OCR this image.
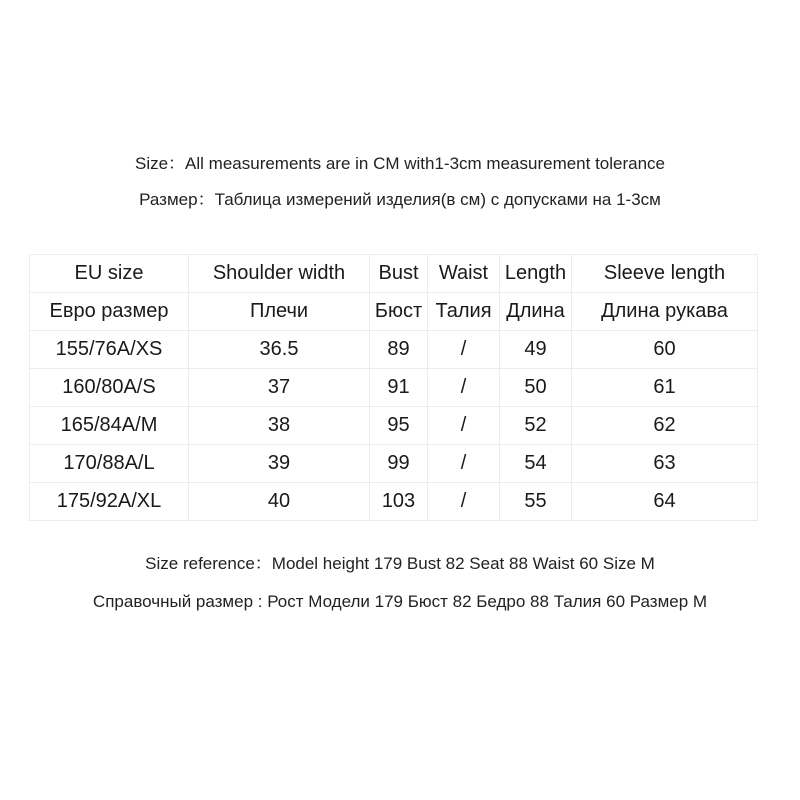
Size：All measurements are in CM with1-3cm measurement tolerance
Размер：Таблица измерений изделия(в см) с допусками на 1-3см
EU size	Shoulder width	Bust	Waist	Length	Sleeve length
Евро размер	Плечи	Бюст	Талия	Длина	Длина рукава
155/76A/XS	36.5	89	/	49	60
160/80A/S	37	91	/	50	61
165/84A/M	38	95	/	52	62
170/88A/L	39	99	/	54	63
175/92A/XL	40	103	/	55	64
Size reference：Model height 179 Bust 82 Seat 88 Waist 60 Size M
Справочный размер : Рост Модели 179 Бюст 82 Бедро 88 Талия 60 Размер M
